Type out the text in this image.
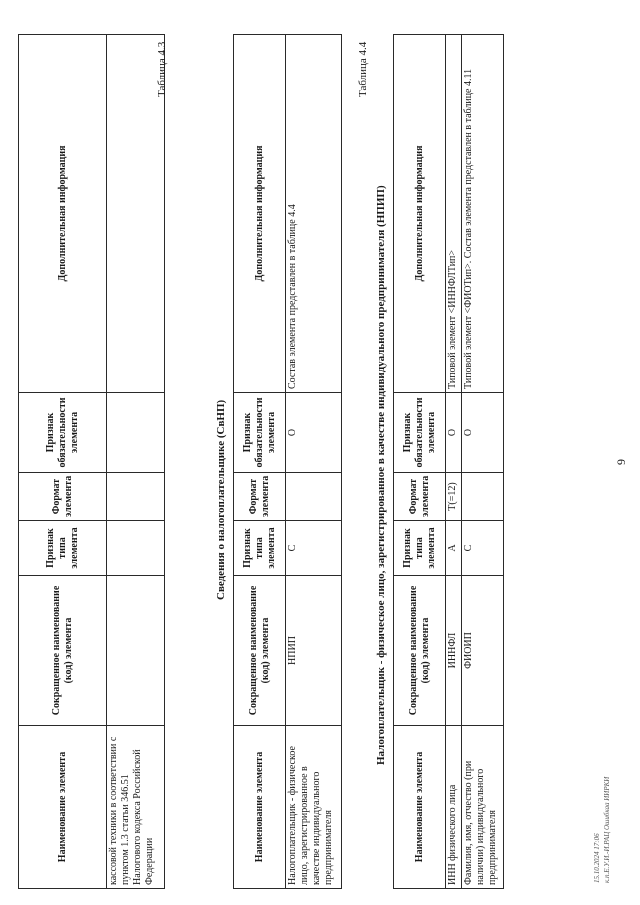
9
Наименование элемента	Сокращенное наименование (код) элемента	Признак типа элемента	Формат элемента	Признак обязательности элемента	Дополнительная информация
кассовой техники в соответствии с пунктом 1.3 статьи 346.51 Налогового кодекса Российской Федерации					
Таблица 4.3
Сведения о налогоплательщике (СвНП)
Наименование элемента	Сокращенное наименование (код) элемента	Признак типа элемента	Формат элемента	Признак обязательности элемента	Дополнительная информация
Налогоплательщик - физическое лицо, зарегистрированное в качестве индивидуального предпринимателя	НПИП	С		О	Состав элемента представлен в таблице 4.4
Таблица 4.4
Налогоплательщик - физическое лицо, зарегистрированное в качестве индивидуального предпринимателя (НПИП)
Наименование элемента	Сокращенное наименование (код) элемента	Признак типа элемента	Формат элемента	Признак обязательности элемента	Дополнительная информация
ИНН физического лица	ИННФЛ	А	T(=12)	О	Типовой элемент <ИННФЛТип>
Фамилия, имя, отчество (при наличии) индивидуального предпринимателя	ФИОИП	С		О	Типовой элемент <ФИОТип>. Состав элемента представлен в таблице 4.11
15.10.2024 17:06 к.п.Е.У.И.-И.РАЦ Ошибкаа ИИРКИ
